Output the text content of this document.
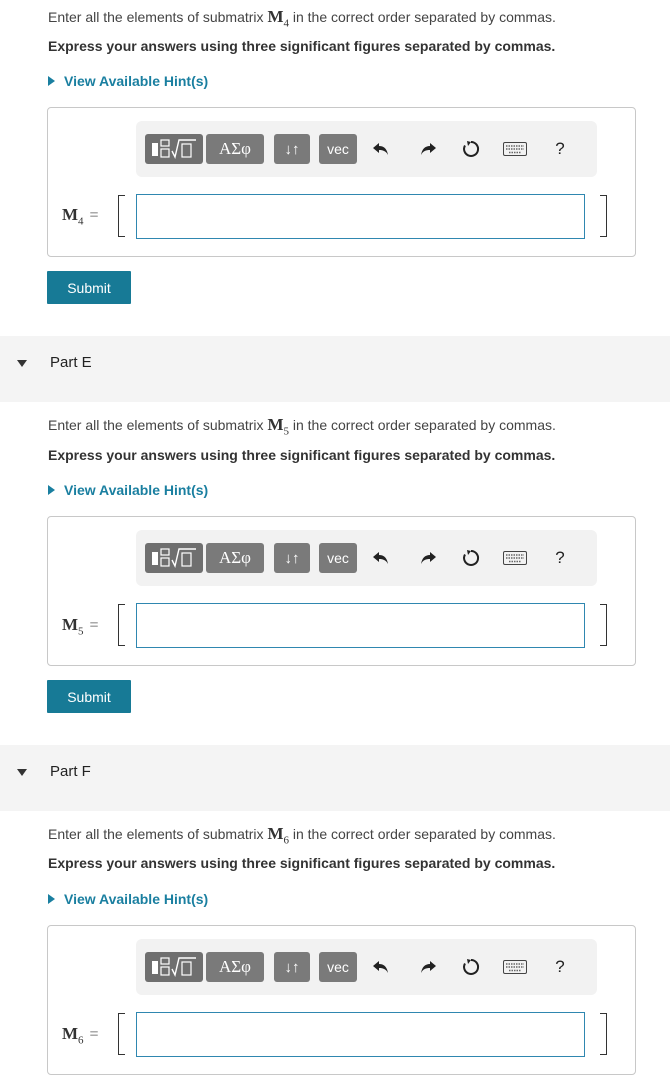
Enter all the elements of submatrix $M_4$ in the correct order separated by commas.
Express your answers using three significant figures separated by commas.
View Available Hint(s)
ΑΣφ	↓↑	vec	?
$M_4$ =
Submit
Part E
Enter all the elements of submatrix $M_5$ in the correct order separated by commas.
Express your answers using three significant figures separated by commas.
View Available Hint(s)
ΑΣφ	↓↑	vec	?
$M_5$ =
Submit
Part F
Enter all the elements of submatrix $M_6$ in the correct order separated by commas.
Express your answers using three significant figures separated by commas.
View Available Hint(s)
ΑΣφ	↓↑	vec	?
$M_6$ =
